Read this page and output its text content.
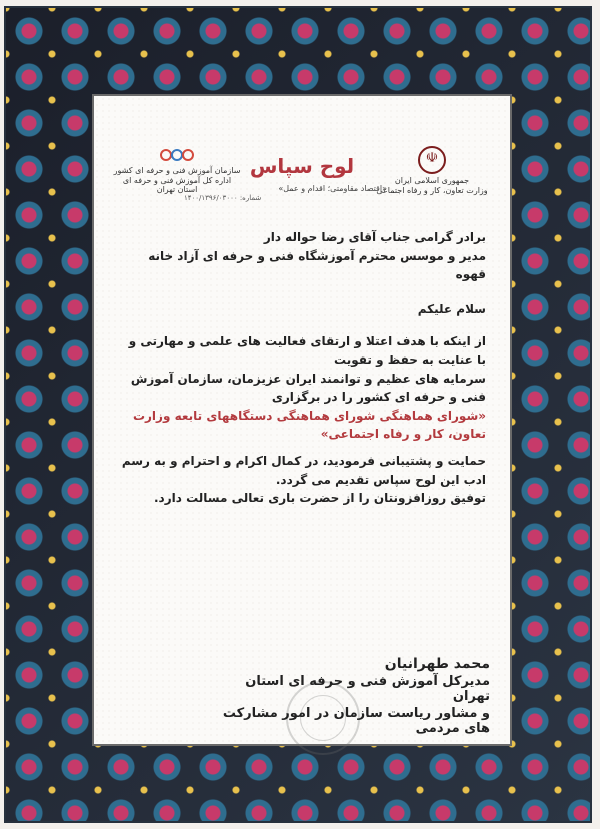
☫
جمهوری اسلامی ایران
وزارت تعاون، کار و رفاه اجتماعی
لوح سپاس
«اقتصاد مقاومتی؛ اقدام و عمل»
سازمان آموزش فنی و حرفه ای کشور
اداره کل آموزش فنی و حرفه ای استان تهران
شماره: ۱۴۰۰/۱۳۹۶/۰۳۰۰۰

برادر گرامی جناب آقای رضا حواله دار

مدیر و موسس محترم آموزشگاه فنی و حرفه ای آزاد خانه قهوه

سلام علیکم

از اینکه با هدف اعتلا و ارتقای فعالیت های علمی و مهارتی و با عنایت به حفظ و تقویت

سرمایه های عظیم و توانمند ایران عزیزمان، سازمان آموزش فنی و حرفه ای کشور را در برگزاری

«شورای هماهنگی شورای هماهنگی دستگاههای تابعه وزارت تعاون، کار و رفاه اجتماعی»

حمایت و پشتیبانی فرمودید، در کمال اکرام و احترام و به رسم ادب این لوح سپاس تقدیم می گردد.

توفیق روزافزونتان را از حضرت باری تعالی مسالت دارد.

محمد طهرانیان
مدیرکل آموزش فنی و حرفه ای استان تهران
و مشاور ریاست سازمان در امور مشارکت های مردمی
